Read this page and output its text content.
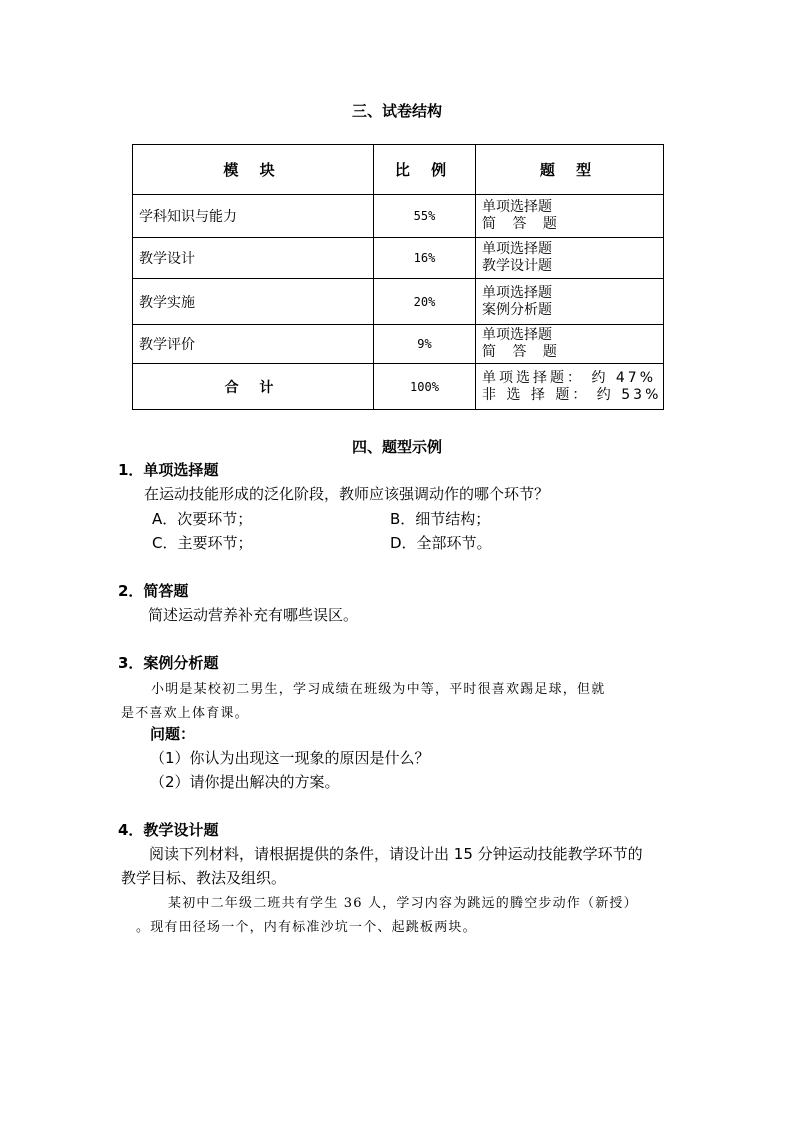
三、试卷结构
模 块	比 例	题 型
学科知识与能力	55%	单项选择题
简 答 题

教学设计	16%	单项选择题
教学设计题

教学实施	20%	单项选择题
案例分析题

教学评价	9%	单项选择题
简 答 题

合 计	100%	单项选择题： 约 47%
非 选 择 题： 约 53%
四、题型示例
1．单项选择题
在运动技能形成的泛化阶段，教师应该强调动作的哪个环节？
A．次要环节；	B．细节结构；
C．主要环节；	D．全部环节。
2．简答题
简述运动营养补充有哪些误区。
3．案例分析题
小明是某校初二男生，学习成绩在班级为中等，平时很喜欢踢足球，但就
是不喜欢上体育课。
问题：
（1）你认为出现这一现象的原因是什么？
（2）请你提出解决的方案。
4．教学设计题
阅读下列材料，请根据提供的条件，请设计出 15 分钟运动技能教学环节的
教学目标、教法及组织。
某初中二年级二班共有学生 36 人，学习内容为跳远的腾空步动作（新授）
。现有田径场一个，内有标准沙坑一个、起跳板两块。
